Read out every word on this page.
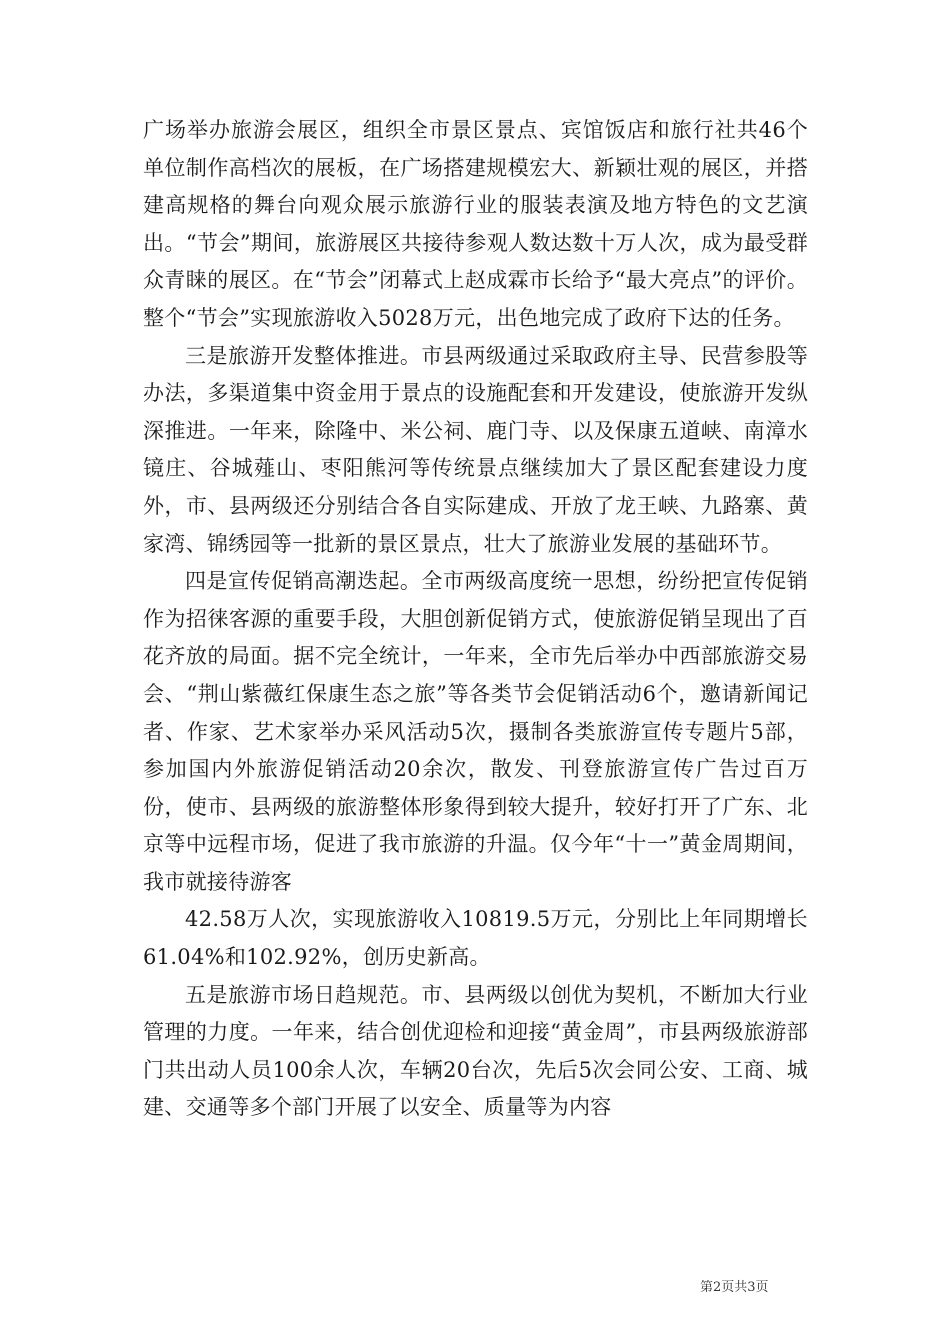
广场举办旅游会展区，组织全市景区景点、宾馆饭店和旅行社共46个单位制作高档次的展板，在广场搭建规模宏大、新颖壮观的展区，并搭建高规格的舞台向观众展示旅游行业的服装表演及地方特色的文艺演出。“节会”期间，旅游展区共接待参观人数达数十万人次，成为最受群众青睐的展区。在“节会”闭幕式上赵成霖市长给予“最大亮点”的评价。整个“节会”实现旅游收入5028万元，出色地完成了政府下达的任务。

三是旅游开发整体推进。市县两级通过采取政府主导、民营参股等办法，多渠道集中资金用于景点的设施配套和开发建设，使旅游开发纵深推进。一年来，除隆中、米公祠、鹿门寺、以及保康五道峡、南漳水镜庄、谷城薤山、枣阳熊河等传统景点继续加大了景区配套建设力度外，市、县两级还分别结合各自实际建成、开放了龙王峡、九路寨、黄家湾、锦绣园等一批新的景区景点，壮大了旅游业发展的基础环节。

四是宣传促销高潮迭起。全市两级高度统一思想，纷纷把宣传促销作为招徕客源的重要手段，大胆创新促销方式，使旅游促销呈现出了百花齐放的局面。据不完全统计，一年来，全市先后举办中西部旅游交易会、“荆山紫薇红保康生态之旅”等各类节会促销活动6个，邀请新闻记者、作家、艺术家举办采风活动5次，摄制各类旅游宣传专题片5部，参加国内外旅游促销活动20余次，散发、刊登旅游宣传广告过百万份，使市、县两级的旅游整体形象得到较大提升，较好打开了广东、北京等中远程市场，促进了我市旅游的升温。仅今年“十一”黄金周期间，我市就接待游客

42.58万人次，实现旅游收入10819.5万元，分别比上年同期增长61.04%和102.92%，创历史新高。

五是旅游市场日趋规范。市、县两级以创优为契机，不断加大行业管理的力度。一年来，结合创优迎检和迎接“黄金周”，市县两级旅游部门共出动人员100余人次，车辆20台次，先后5次会同公安、工商、城建、交通等多个部门开展了以安全、质量等为内容

第2页共3页
